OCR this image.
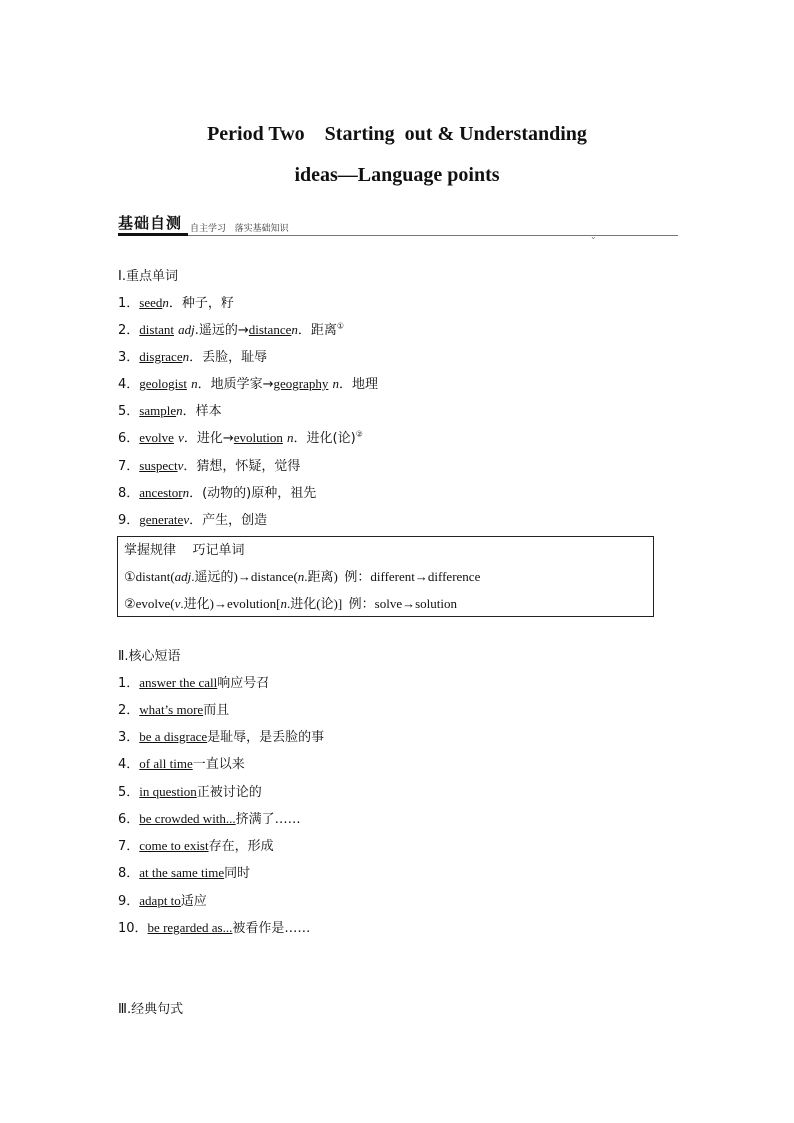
Period Two    Starting  out & Understanding
ideas—Language points
基础自测 自主学习   落实基础知识
⌄
Ⅰ.重点单词
1．seedn．种子，籽
2．distant adj.遥远的→distancen．距离①
3．disgracen．丢脸，耻辱
4．geologist n．地质学家→geography n．地理
5．samplen．样本
6．evolve v．进化→evolution n．进化(论)②
7．suspectv．猜想，怀疑，觉得
8．ancestorn．(动物的)原种，祖先
9．generatev．产生，创造
掌握规律    巧记单词
①distant(adj.遥远的)→distance(n.距离)  例：different→difference
②evolve(v.进化)→evolution[n.进化(论)]  例：solve→solution
Ⅱ.核心短语
1．answer the call响应号召
2．what’s more而且
3．be a disgrace是耻辱，是丢脸的事
4．of all time一直以来
5．in question正被讨论的
6．be crowded with...挤满了……
7．come to exist存在，形成
8．at the same time同时
9．adapt to适应
10．be regarded as...被看作是……
Ⅲ.经典句式
